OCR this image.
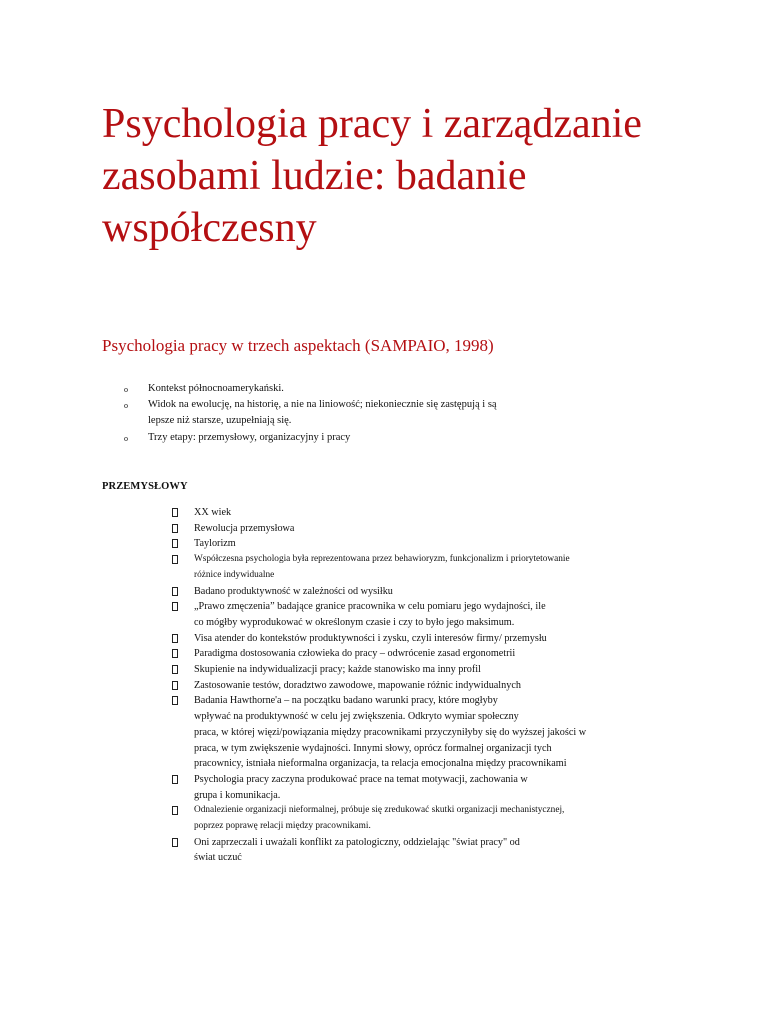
Psychologia pracy i zarządzanie zasobami ludzie: badanie współczesny
Psychologia pracy w trzech aspektach (SAMPAIO, 1998)
o Kontekst północnoamerykański.
o Widok na ewolucję, na historię, a nie na liniowość; niekoniecznie się zastępują i są
lepsze niż starsze, uzupełniają się.
o Trzy etapy: przemysłowy, organizacyjny i pracy
PRZEMYSŁOWY
XX wiek
Rewolucja przemysłowa
Taylorizm
Współczesna psychologia była reprezentowana przez behawioryzm, funkcjonalizm i priorytetowanie
różnice indywidualne
Badano produktywność w zależności od wysiłku
„Prawo zmęczenia” badające granice pracownika w celu pomiaru jego wydajności, ile
co mógłby wyprodukować w określonym czasie i czy to było jego maksimum.
Visa atender do kontekstów produktywności i zysku, czyli interesów firmy/ przemysłu
Paradigma dostosowania człowieka do pracy – odwrócenie zasad ergonometrii
Skupienie na indywidualizacji pracy; każde stanowisko ma inny profil
Zastosowanie testów, doradztwo zawodowe, mapowanie różnic indywidualnych
Badania Hawthorne'a – na początku badano warunki pracy, które mogłyby
wpływać na produktywność w celu jej zwiększenia. Odkryto wymiar społeczny
praca, w której więzi/powiązania między pracownikami przyczyniłyby się do wyższej jakości w
praca, w tym zwiększenie wydajności. Innymi słowy, oprócz formalnej organizacji tych
pracownicy, istniała nieformalna organizacja, ta relacja emocjonalna między pracownikami
Psychologia pracy zaczyna produkować prace na temat motywacji, zachowania w
grupa i komunikacja.
Odnalezienie organizacji nieformalnej, próbuje się zredukować skutki organizacji mechanistycznej,
poprzez poprawę relacji między pracownikami.
Oni zaprzeczali i uważali konflikt za patologiczny, oddzielając "świat pracy" od
świat uczuć
